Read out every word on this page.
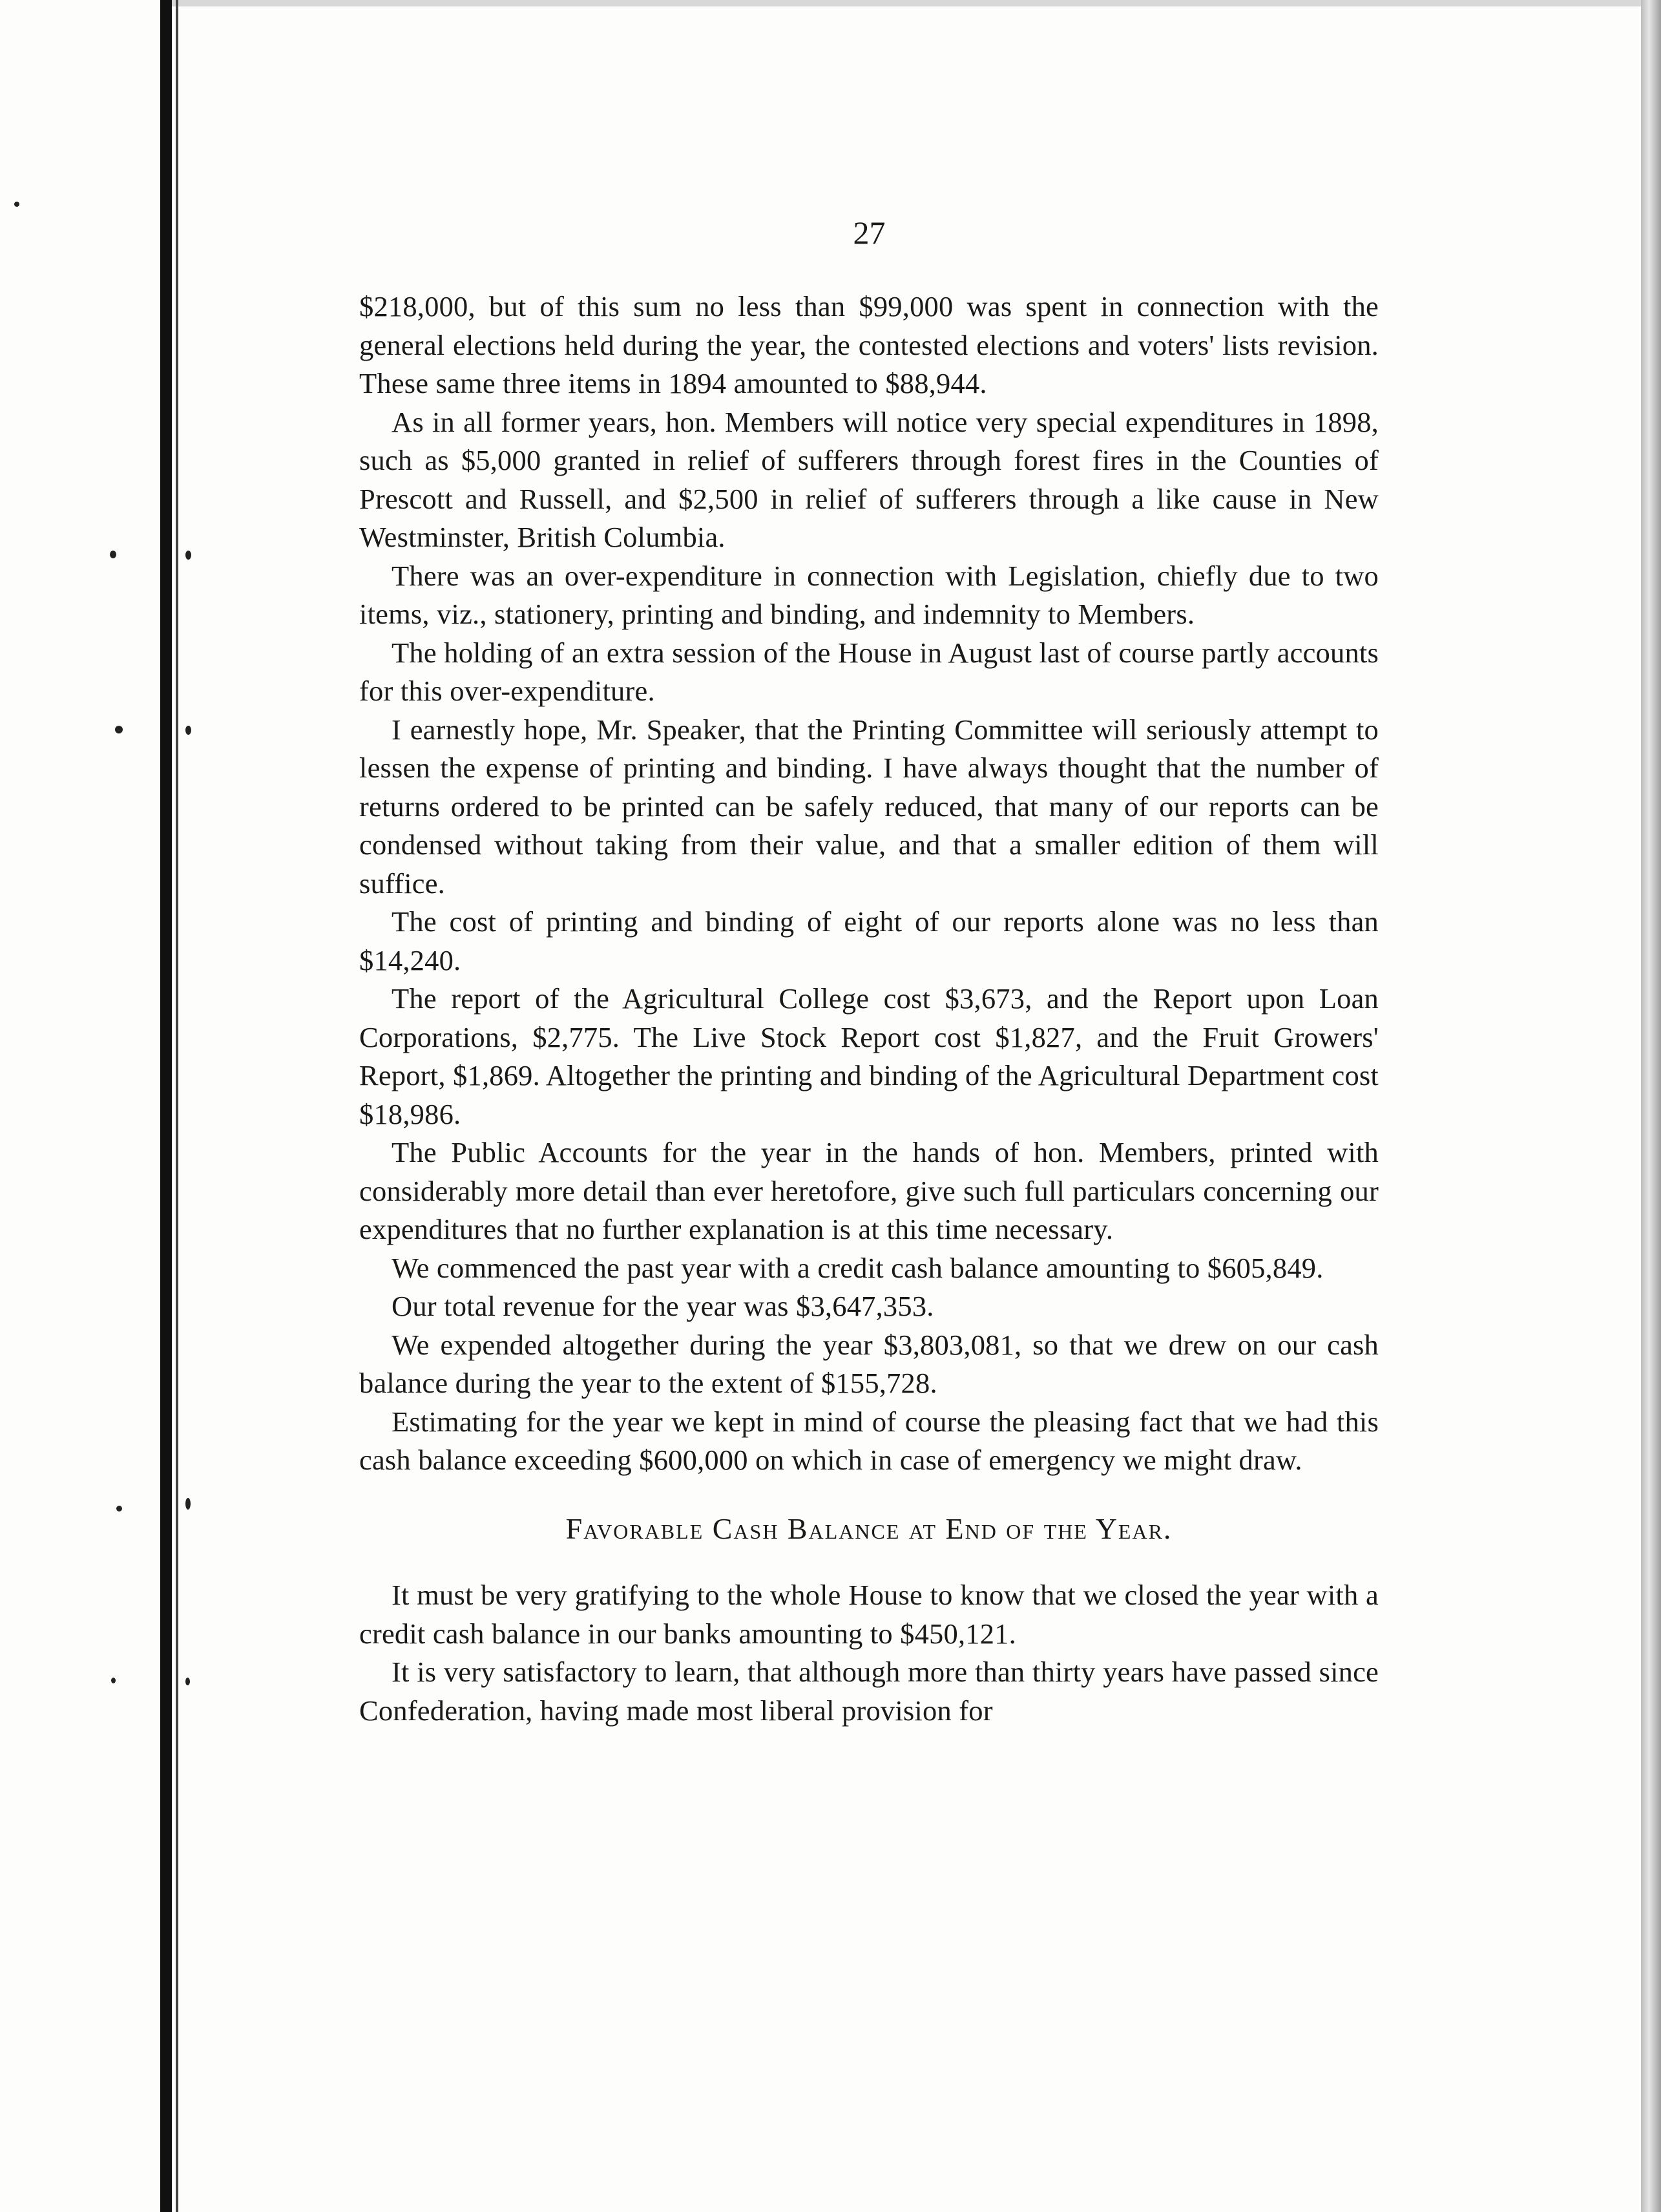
27

$218,000, but of this sum no less than $99,000 was spent in connection with the general elections held during the year, the contested elections and voters' lists revision. These same three items in 1894 amounted to $88,944.

As in all former years, hon. Members will notice very special expenditures in 1898, such as $5,000 granted in relief of sufferers through forest fires in the Counties of Prescott and Russell, and $2,500 in relief of sufferers through a like cause in New Westminster, British Columbia.

There was an over-expenditure in connection with Legislation, chiefly due to two items, viz., stationery, printing and binding, and indemnity to Members.

The holding of an extra session of the House in August last of course partly accounts for this over-expenditure.

I earnestly hope, Mr. Speaker, that the Printing Committee will seriously attempt to lessen the expense of printing and binding. I have always thought that the number of returns ordered to be printed can be safely reduced, that many of our reports can be condensed without taking from their value, and that a smaller edition of them will suffice.

The cost of printing and binding of eight of our reports alone was no less than $14,240.

The report of the Agricultural College cost $3,673, and the Report upon Loan Corporations, $2,775. The Live Stock Report cost $1,827, and the Fruit Growers' Report, $1,869. Altogether the printing and binding of the Agricultural Department cost $18,986.

The Public Accounts for the year in the hands of hon. Members, printed with considerably more detail than ever heretofore, give such full particulars concerning our expenditures that no further explanation is at this time necessary.

We commenced the past year with a credit cash balance amounting to $605,849.

Our total revenue for the year was $3,647,353.

We expended altogether during the year $3,803,081, so that we drew on our cash balance during the year to the extent of $155,728.

Estimating for the year we kept in mind of course the pleasing fact that we had this cash balance exceeding $600,000 on which in case of emergency we might draw.

Favorable Cash Balance at End of the Year.

It must be very gratifying to the whole House to know that we closed the year with a credit cash balance in our banks amounting to $450,121.

It is very satisfactory to learn, that although more than thirty years have passed since Confederation, having made most liberal provision for
